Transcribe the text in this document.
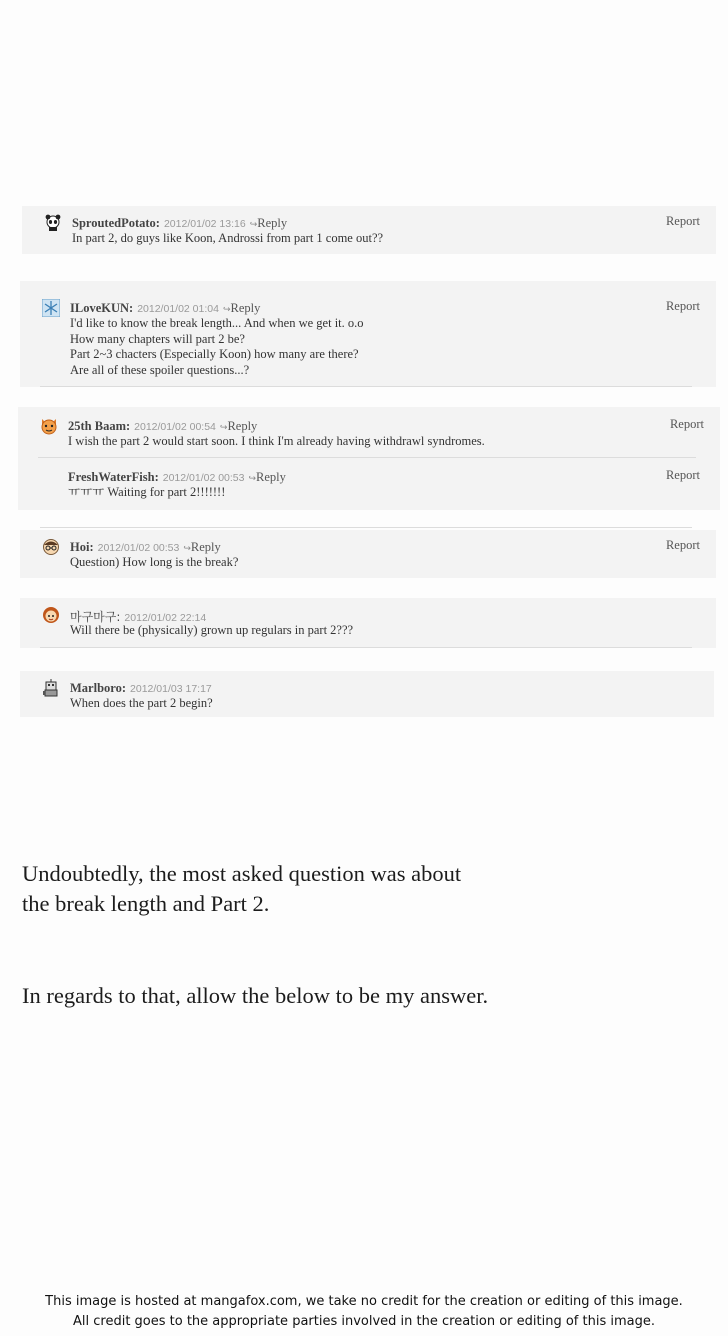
SproutedPotato: 2012/01/02 13:16 ↪Reply
In part 2, do guys like Koon, Androssi from part 1 come out??
Report
ILoveKUN: 2012/01/02 01:04 ↪Reply
I'd like to know the break length... And when we get it. o.o
How many chapters will part 2 be?
Part 2~3 chacters (Especially Koon) how many are there?
Are all of these spoiler questions...?
Report
25th Baam: 2012/01/02 00:54 ↪Reply
I wish the part 2 would start soon. I think I'm already having withdrawl syndromes.
Report
FreshWaterFish: 2012/01/02 00:53 ↪Reply
ㅠㅠㅠ Waiting for part 2!!!!!!!
Report
Hoi: 2012/01/02 00:53 ↪Reply
Question) How long is the break?
Report
마구마구: 2012/01/02 22:14
Will there be (physically) grown up regulars in part 2???
Marlboro: 2012/01/03 17:17
When does the part 2 begin?
Undoubtedly, the most asked question was about
the break length and Part 2.
In regards to that, allow the below to be my answer.
This image is hosted at mangafox.com, we take no credit for the creation or editing of this image.
All credit goes to the appropriate parties involved in the creation or editing of this image.
